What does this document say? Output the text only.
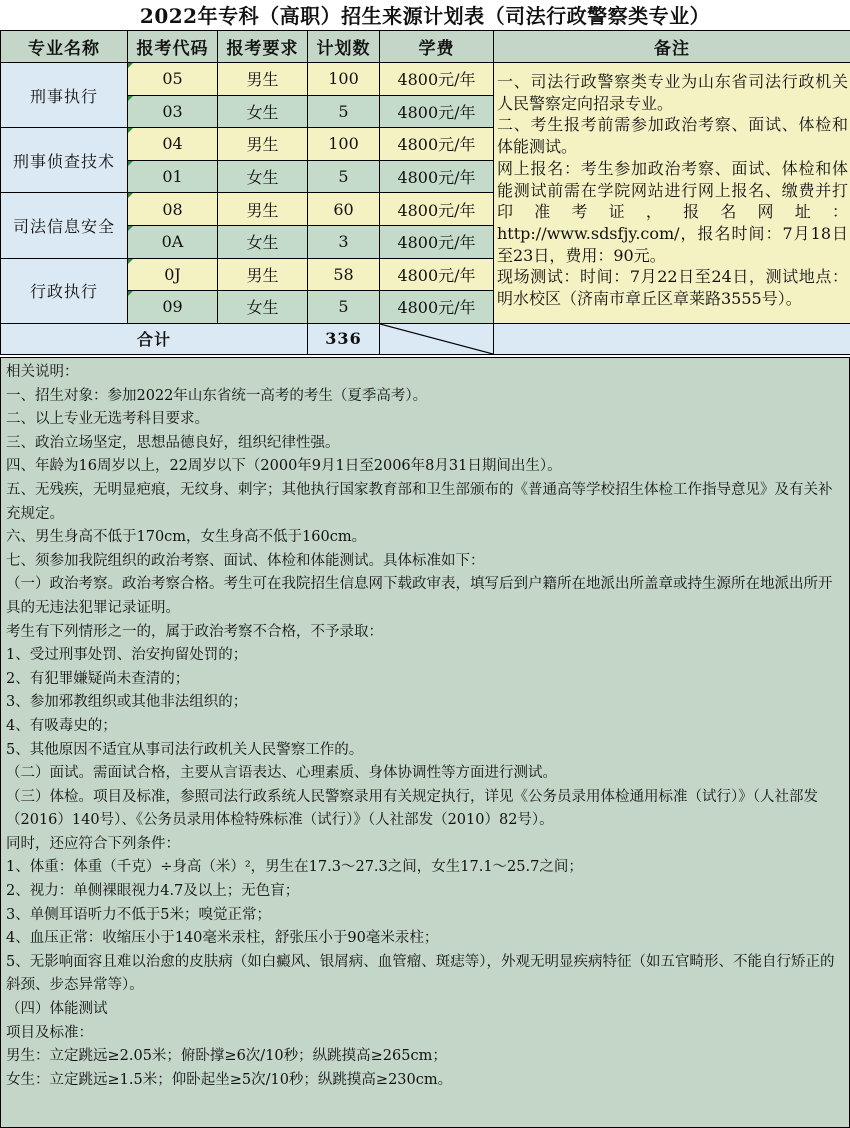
2022年专科（高职）招生来源计划表（司法行政警察类专业）
专业名称	报考代码	报考要求	计划数	学费	备注
刑事执行	05	男生	100	4800元/年	一、司法行政警察类专业为山东省司法行政机关人民警察定向招录专业。

二、考生报考前需参加政治考察、面试、体检和体能测试。

网上报名：考生参加政治考察、面试、体检和体能测试前需在学院网站进行网上报名、缴费并打印准考证，报名网址：http://www.sdsfjy.com/，报名时间：7月18日至23日，费用：90元。

现场测试：时间：7月22日至24日，测试地点：明水校区（济南市章丘区章莱路3555号）。

	03	女生	5	4800元/年	
刑事侦查技术	04	男生	100	4800元/年	
	01	女生	5	4800元/年	
司法信息安全	08	男生	60	4800元/年	
	0A	女生	3	4800元/年	
行政执行	0J	男生	58	4800元/年	
	09	女生	5	4800元/年	
合计			336	

相关说明：

一、招生对象：参加2022年山东省统一高考的考生（夏季高考）。

二、以上专业无选考科目要求。

三、政治立场坚定，思想品德良好，组织纪律性强。

四、年龄为16周岁以上，22周岁以下（2000年9月1日至2006年8月31日期间出生）。

五、无残疾，无明显疤痕，无纹身、刺字；其他执行国家教育部和卫生部颁布的《普通高等学校招生体检工作指导意见》及有关补充规定。

六、男生身高不低于170cm，女生身高不低于160cm。

七、须参加我院组织的政治考察、面试、体检和体能测试。具体标准如下：

（一）政治考察。政治考察合格。考生可在我院招生信息网下载政审表，填写后到户籍所在地派出所盖章或持生源所在地派出所开具的无违法犯罪记录证明。

考生有下列情形之一的，属于政治考察不合格，不予录取：

1、受过刑事处罚、治安拘留处罚的；

2、有犯罪嫌疑尚未查清的；

3、参加邪教组织或其他非法组织的；

4、有吸毒史的；

5、其他原因不适宜从事司法行政机关人民警察工作的。

（二）面试。需面试合格，主要从言语表达、心理素质、身体协调性等方面进行测试。

（三）体检。项目及标准，参照司法行政系统人民警察录用有关规定执行，详见《公务员录用体检通用标准（试行）》（人社部发（2016）140号）、《公务员录用体检特殊标准（试行）》（人社部发（2010）82号）。

同时，还应符合下列条件：

1、体重：体重（千克）÷身高（米）²，男生在17.3～27.3之间，女生17.1～25.7之间；

2、视力：单侧裸眼视力4.7及以上；无色盲；

3、单侧耳语听力不低于5米；嗅觉正常；

4、血压正常：收缩压小于140毫米汞柱，舒张压小于90毫米汞柱；

5、无影响面容且难以治愈的皮肤病（如白癜风、银屑病、血管瘤、斑痣等），外观无明显疾病特征（如五官畸形、不能自行矫正的斜颈、步态异常等）。

（四）体能测试

项目及标准：

男生：立定跳远≥2.05米；俯卧撑≥6次/10秒；纵跳摸高≥265cm；

女生：立定跳远≥1.5米；仰卧起坐≥5次/10秒；纵跳摸高≥230cm。
